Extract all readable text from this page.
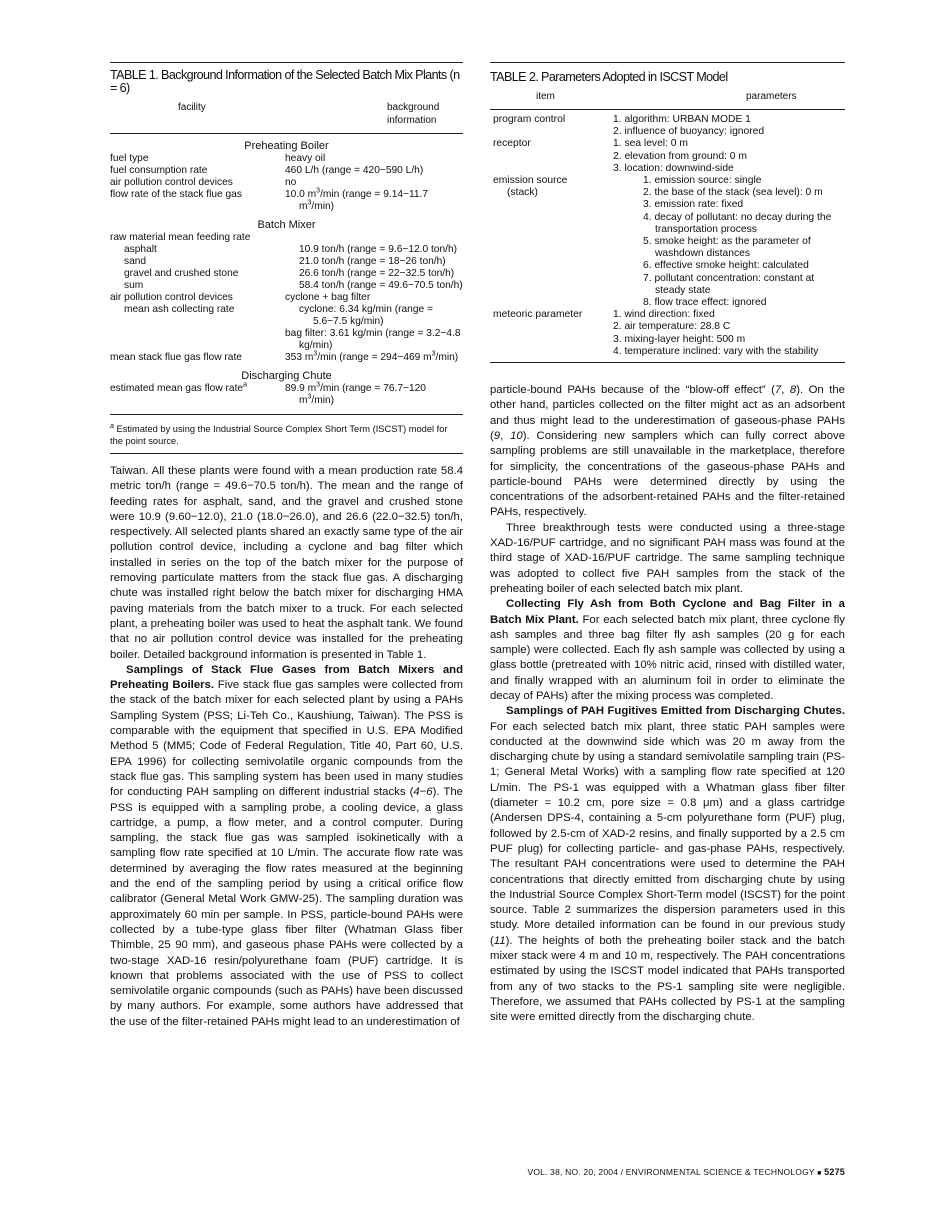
TABLE 1. Background Information of the Selected Batch Mix Plants (n = 6)
facility	background information
Preheating Boiler
fuel type	heavy oil
fuel consumption rate	460 L/h (range = 420−590 L/h)
air pollution control devices	no
flow rate of the stack flue gas	10.0 $m^3/\min$ (range = 9.14−11.7 $m^3/\min$)
Batch Mixer
raw material mean feeding rate
asphalt	10.9 ton/h (range = 9.6−12.0 ton/h)
sand	21.0 ton/h (range = 18−26 ton/h)
gravel and crushed stone	26.6 ton/h (range = 22−32.5 ton/h)
sum	58.4 ton/h (range = 49.6−70.5 ton/h)
air pollution control devices	cyclone + bag filter
mean ash collecting rate	cyclone: 6.34 kg/min (range = 5.6−7.5 kg/min)
bag filter: 3.61 kg/min (range = 3.2−4.8 kg/min)
mean stack flue gas flow rate	353 $m^3/\min$ (range = 294−469 $m^3/\min$)
Discharging Chute
estimated mean gas flow rate$^a$	89.9 $m^3/\min$ (range = 76.7−120 $m^3/\min$)
$^a$ Estimated by using the Industrial Source Complex Short Term (ISCST) model for the point source.

Taiwan. All these plants were found with a mean production rate 58.4 metric ton/h (range = 49.6−70.5 ton/h). The mean and the range of feeding rates for asphalt, sand, and the gravel and crushed stone were 10.9 (9.60−12.0), 21.0 (18.0−26.0), and 26.6 (22.0−32.5) ton/h, respectively. All selected plants shared an exactly same type of the air pollution control device, including a cyclone and bag filter which installed in series on the top of the batch mixer for the purpose of removing particulate matters from the stack flue gas. A discharging chute was installed right below the batch mixer for discharging HMA paving materials from the batch mixer to a truck. For each selected plant, a preheating boiler was used to heat the asphalt tank. We found that no air pollution control device was installed for the preheating boiler. Detailed background information is presented in Table 1.

Samplings of Stack Flue Gases from Batch Mixers and Preheating Boilers. Five stack flue gas samples were collected from the stack of the batch mixer for each selected plant by using a PAHs Sampling System (PSS; Li-Teh Co., Kaushiung, Taiwan). The PSS is comparable with the equipment that specified in U.S. EPA Modified Method 5 (MM5; Code of Federal Regulation, Title 40, Part 60, U.S. EPA 1996) for collecting semivolatile organic compounds from the stack flue gas. This sampling system has been used in many studies for conducting PAH sampling on different industrial stacks (4−6). The PSS is equipped with a sampling probe, a cooling device, a glass cartridge, a pump, a flow meter, and a control computer. During sampling, the stack flue gas was sampled isokinetically with a sampling flow rate specified at 10 L/min. The accurate flow rate was determined by averaging the flow rates measured at the beginning and the end of the sampling period by using a critical orifice flow calibrator (General Metal Work GMW-25). The sampling duration was approximately 60 min per sample. In PSS, particle-bound PAHs were collected by a tube-type glass fiber filter (Whatman Glass fiber Thimble, 25 90 mm), and gaseous phase PAHs were collected by a two-stage XAD-16 resin/polyurethane foam (PUF) cartridge. It is known that problems associated with the use of PSS to collect semivolatile organic compounds (such as PAHs) have been discussed by many authors. For example, some authors have addressed that the use of the filter-retained PAHs might lead to an underestimation of

TABLE 2. Parameters Adopted in ISCST Model
item	parameters
program control	1. algorithm: URBAN MODE 1
2. influence of buoyancy: ignored
receptor	1. sea level: 0 m
2. elevation from ground: 0 m
3. location: downwind-side
emission source (stack)
1. emission source: single
2. the base of the stack (sea level): 0 m
3. emission rate: fixed
4. decay of pollutant: no decay during the transportation process
5. smoke height: as the parameter of washdown distances
6. effective smoke height: calculated
7. pollutant concentration: constant at steady state
8. flow trace effect: ignored
meteoric parameter	1. wind direction: fixed
2. air temperature: 28.8 C
3. mixing-layer height: 500 m
4. temperature inclined: vary with the stability

particle-bound PAHs because of the “blow-off effect” (7, 8). On the other hand, particles collected on the filter might act as an adsorbent and thus might lead to the underestimation of gaseous-phase PAHs (9, 10). Considering new samplers which can fully correct above sampling problems are still unavailable in the marketplace, therefore for simplicity, the concentrations of the gaseous-phase PAHs and particle-bound PAHs were determined directly by using the concentrations of the adsorbent-retained PAHs and the filter-retained PAHs, respectively.

Three breakthrough tests were conducted using a three-stage XAD-16/PUF cartridge, and no significant PAH mass was found at the third stage of XAD-16/PUF cartridge. The same sampling technique was adopted to collect five PAH samples from the stack of the preheating boiler of each selected batch mix plant.

Collecting Fly Ash from Both Cyclone and Bag Filter in a Batch Mix Plant. For each selected batch mix plant, three cyclone fly ash samples and three bag filter fly ash samples (20 g for each sample) were collected. Each fly ash sample was collected by using a glass bottle (pretreated with 10% nitric acid, rinsed with distilled water, and finally wrapped with an aluminum foil in order to eliminate the decay of PAHs) after the mixing process was completed.

Samplings of PAH Fugitives Emitted from Discharging Chutes. For each selected batch mix plant, three static PAH samples were conducted at the downwind side which was 20 m away from the discharging chute by using a standard semivolatile sampling train (PS-1; General Metal Works) with a sampling flow rate specified at 120 L/min. The PS-1 was equipped with a Whatman glass fiber filter (diameter = 10.2 cm, pore size = 0.8 μm) and a glass cartridge (Andersen DPS-4, containing a 5-cm polyurethane form (PUF) plug, followed by 2.5-cm of XAD-2 resins, and finally supported by a 2.5 cm PUF plug) for collecting particle- and gas-phase PAHs, respectively. The resultant PAH concentrations were used to determine the PAH concentrations that directly emitted from discharging chute by using the Industrial Source Complex Short-Term model (ISCST) for the point source. Table 2 summarizes the dispersion parameters used in this study. More detailed information can be found in our previous study (11). The heights of both the preheating boiler stack and the batch mixer stack were 4 m and 10 m, respectively. The PAH concentrations estimated by using the ISCST model indicated that PAHs transported from any of two stacks to the PS-1 sampling site were negligible. Therefore, we assumed that PAHs collected by PS-1 at the sampling site were emitted directly from the discharging chute.

VOL. 38, NO. 20, 2004 / ENVIRONMENTAL SCIENCE & TECHNOLOGY ■ 5275
